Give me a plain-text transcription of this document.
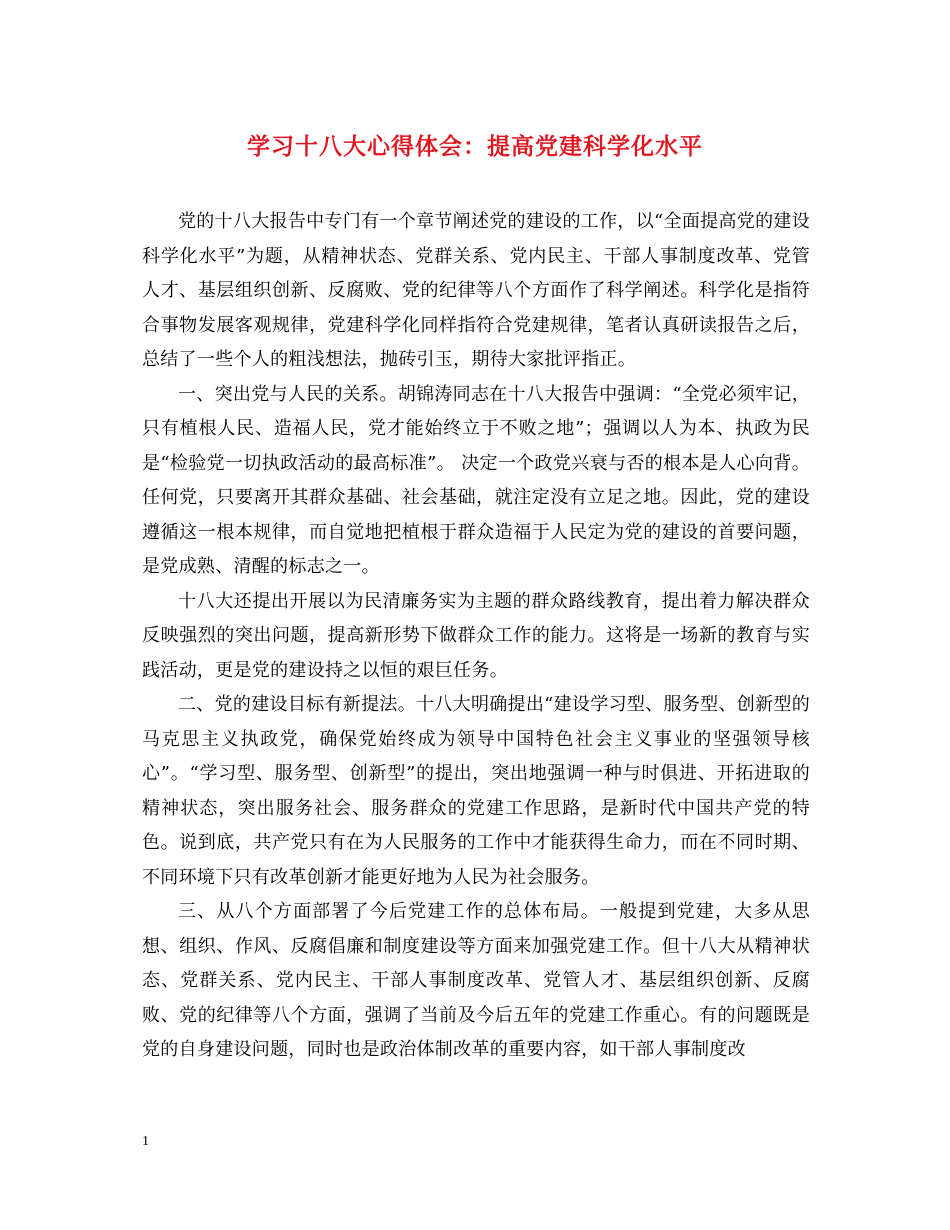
学习十八大心得体会：提高党建科学化水平

党的十八大报告中专门有一个章节阐述党的建设的工作，以“全面提高党的建设科学化水平”为题，从精神状态、党群关系、党内民主、干部人事制度改革、党管人才、基层组织创新、反腐败、党的纪律等八个方面作了科学阐述。科学化是指符合事物发展客观规律，党建科学化同样指符合党建规律，笔者认真研读报告之后，总结了一些个人的粗浅想法，抛砖引玉，期待大家批评指正。

一、突出党与人民的关系。胡锦涛同志在十八大报告中强调：“全党必须牢记，只有植根人民、造福人民，党才能始终立于不败之地”；强调以人为本、执政为民是“检验党一切执政活动的最高标准”。 决定一个政党兴衰与否的根本是人心向背。任何党，只要离开其群众基础、社会基础，就注定没有立足之地。因此，党的建设遵循这一根本规律，而自觉地把植根于群众造福于人民定为党的建设的首要问题，是党成熟、清醒的标志之一。

十八大还提出开展以为民清廉务实为主题的群众路线教育，提出着力解决群众反映强烈的突出问题，提高新形势下做群众工作的能力。这将是一场新的教育与实践活动，更是党的建设持之以恒的艰巨任务。

二、党的建设目标有新提法。十八大明确提出“建设学习型、服务型、创新型的马克思主义执政党，确保党始终成为领导中国特色社会主义事业的坚强领导核心”。“学习型、服务型、创新型”的提出，突出地强调一种与时俱进、开拓进取的精神状态，突出服务社会、服务群众的党建工作思路，是新时代中国共产党的特色。说到底，共产党只有在为人民服务的工作中才能获得生命力，而在不同时期、不同环境下只有改革创新才能更好地为人民为社会服务。

三、从八个方面部署了今后党建工作的总体布局。一般提到党建，大多从思想、组织、作风、反腐倡廉和制度建设等方面来加强党建工作。但十八大从精神状态、党群关系、党内民主、干部人事制度改革、党管人才、基层组织创新、反腐败、党的纪律等八个方面，强调了当前及今后五年的党建工作重心。有的问题既是党的自身建设问题，同时也是政治体制改革的重要内容，如干部人事制度改

1
